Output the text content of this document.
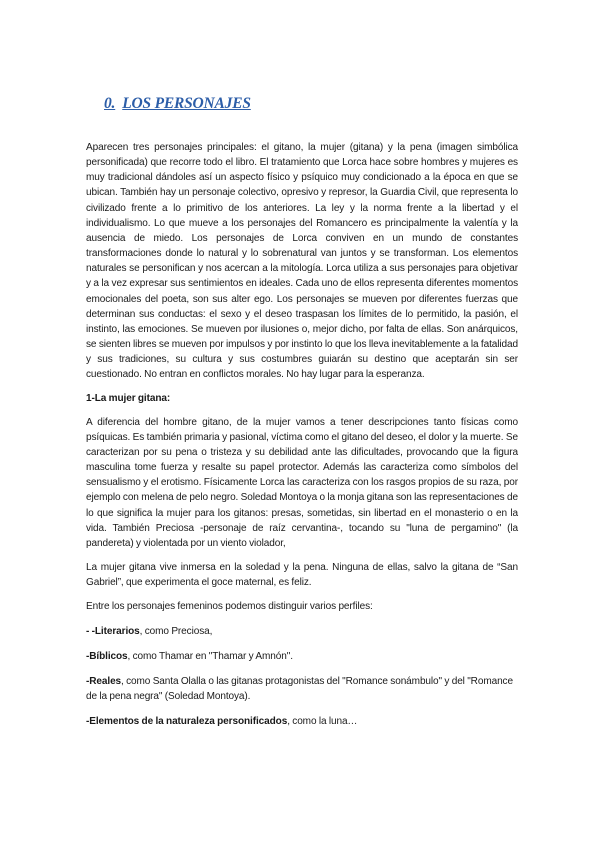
0. LOS PERSONAJES

Aparecen tres personajes principales: el gitano, la mujer (gitana) y la pena (imagen simbólica personificada) que recorre todo el libro. El tratamiento que Lorca hace sobre hombres y mujeres es muy tradicional dándoles así un aspecto físico y psíquico muy condicionado a la época en que se ubican. También hay un personaje colectivo, opresivo y represor, la Guardia Civil, que representa lo civilizado frente a lo primitivo de los anteriores. La ley y la norma frente a la libertad y el individualismo. Lo que mueve a los personajes del Romancero es principalmente la valentía y la ausencia de miedo. Los personajes de Lorca conviven en un mundo de constantes transformaciones donde lo natural y lo sobrenatural van juntos y se transforman. Los elementos naturales se personifican y nos acercan a la mitología. Lorca utiliza a sus personajes para objetivar y a la vez expresar sus sentimientos en ideales. Cada uno de ellos representa diferentes momentos emocionales del poeta, son sus alter ego. Los personajes se mueven por diferentes fuerzas que determinan sus conductas: el sexo y el deseo traspasan los límites de lo permitido, la pasión, el instinto, las emociones. Se mueven por ilusiones o, mejor dicho, por falta de ellas. Son anárquicos, se sienten libres se mueven por impulsos y por instinto lo que los lleva inevitablemente a la fatalidad y sus tradiciones, su cultura y sus costumbres guiarán su destino que aceptarán sin ser cuestionado. No entran en conflictos morales. No hay lugar para la esperanza.

1-La mujer gitana:

A diferencia del hombre gitano, de la mujer vamos a tener descripciones tanto físicas como psíquicas. Es también primaria y pasional, víctima como el gitano del deseo, el dolor y la muerte. Se caracterizan por su pena o tristeza y su debilidad ante las dificultades, provocando que la figura masculina tome fuerza y resalte su papel protector. Además las caracteriza como símbolos del sensualismo y el erotismo. Físicamente Lorca las caracteriza con los rasgos propios de su raza, por ejemplo con melena de pelo negro. Soledad Montoya o la monja gitana son las representaciones de lo que significa la mujer para los gitanos: presas, sometidas, sin libertad en el monasterio o en la vida. También Preciosa -personaje de raíz cervantina-, tocando su "luna de pergamino" (la pandereta) y violentada por un viento violador,

La mujer gitana vive inmersa en la soledad y la pena. Ninguna de ellas, salvo la gitana de “San Gabriel”, que experimenta el goce maternal, es feliz.

Entre los personajes femeninos podemos distinguir varios perfiles:

- -Literarios, como Preciosa,

-Bíblicos, como Thamar en "Thamar y Amnón".

-Reales, como Santa Olalla o las gitanas protagonistas del "Romance sonámbulo" y del "Romance de la pena negra" (Soledad Montoya).

-Elementos de la naturaleza personificados, como la luna…
